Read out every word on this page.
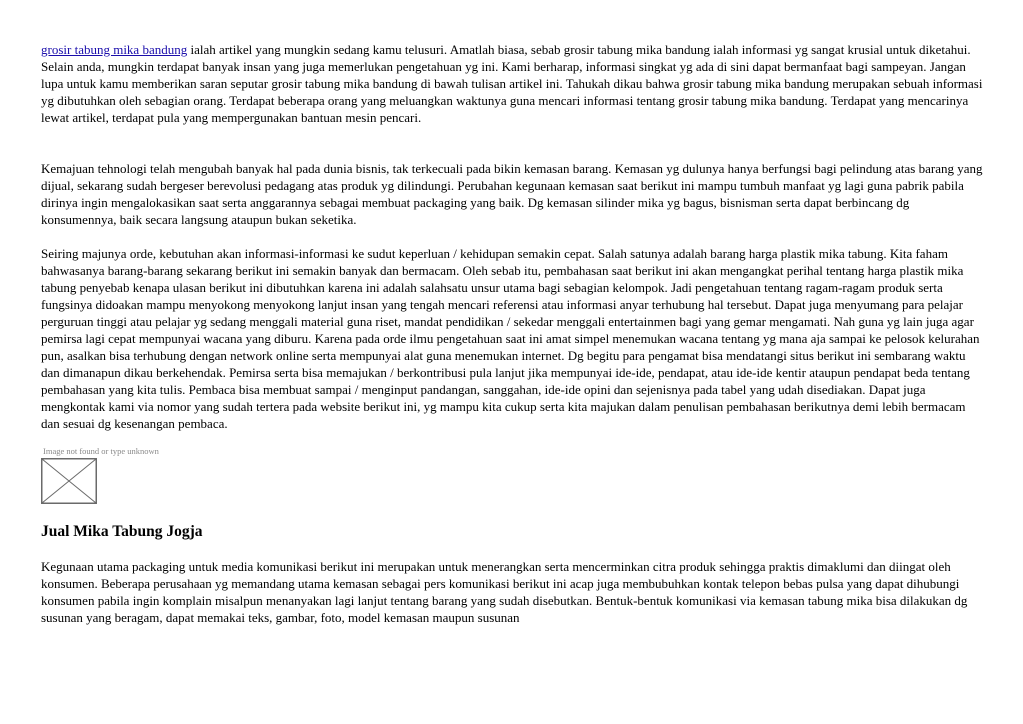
grosir tabung mika bandung ialah artikel yang mungkin sedang kamu telusuri. Amatlah biasa, sebab grosir tabung mika bandung ialah informasi yg sangat krusial untuk diketahui. Selain anda, mungkin terdapat banyak insan yang juga memerlukan pengetahuan yg ini. Kami berharap, informasi singkat yg ada di sini dapat bermanfaat bagi sampeyan. Jangan lupa untuk kamu memberikan saran seputar grosir tabung mika bandung di bawah tulisan artikel ini. Tahukah dikau bahwa grosir tabung mika bandung merupakan sebuah informasi yg dibutuhkan oleh sebagian orang. Terdapat beberapa orang yang meluangkan waktunya guna mencari informasi tentang grosir tabung mika bandung. Terdapat yang mencarinya lewat artikel, terdapat pula yang mempergunakan bantuan mesin pencari.

Kemajuan tehnologi telah mengubah banyak hal pada dunia bisnis, tak terkecuali pada bikin kemasan barang. Kemasan yg dulunya hanya berfungsi bagi pelindung atas barang yang dijual, sekarang sudah bergeser berevolusi pedagang atas produk yg dilindungi. Perubahan kegunaan kemasan saat berikut ini mampu tumbuh manfaat yg lagi guna pabrik pabila dirinya ingin mengalokasikan saat serta anggarannya sebagai membuat packaging yang baik. Dg kemasan silinder mika yg bagus, bisnisman serta dapat berbincang dg konsumennya, baik secara langsung ataupun bukan seketika.

Seiring majunya orde, kebutuhan akan informasi-informasi ke sudut keperluan / kehidupan semakin cepat. Salah satunya adalah barang harga plastik mika tabung. Kita faham bahwasanya barang-barang sekarang berikut ini semakin banyak dan bermacam. Oleh sebab itu, pembahasan saat berikut ini akan mengangkat perihal tentang harga plastik mika tabung penyebab kenapa ulasan berikut ini dibutuhkan karena ini adalah salahsatu unsur utama bagi sebagian kelompok. Jadi pengetahuan tentang ragam-ragam produk serta fungsinya didoakan mampu menyokong menyokong lanjut insan yang tengah mencari referensi atau informasi anyar terhubung hal tersebut. Dapat juga menyumang para pelajar perguruan tinggi atau pelajar yg sedang menggali material guna riset, mandat pendidikan / sekedar menggali entertainmen bagi yang gemar mengamati. Nah guna yg lain juga agar pemirsa lagi cepat mempunyai wacana yang diburu. Karena pada orde ilmu pengetahuan saat ini amat simpel menemukan wacana tentang yg mana aja sampai ke pelosok kelurahan pun, asalkan bisa terhubung dengan network online serta mempunyai alat guna menemukan internet. Dg begitu para pengamat bisa mendatangi situs berikut ini sembarang waktu dan dimanapun dikau berkehendak. Pemirsa serta bisa memajukan / berkontribusi pula lanjut jika mempunyai ide-ide, pendapat, atau ide-ide kentir ataupun pendapat beda tentang pembahasan yang kita tulis. Pembaca bisa membuat sampai / menginput pandangan, sanggahan, ide-ide opini dan sejenisnya pada tabel yang udah disediakan. Dapat juga mengkontak kami via nomor yang sudah tertera pada website berikut ini, yg mampu kita cukup serta kita majukan dalam penulisan pembahasan berikutnya demi lebih bermacam dan sesuai dg kesenangan pembaca.

Image not found or type unknown
Jual Mika Tabung Jogja

Kegunaan utama packaging untuk media komunikasi berikut ini merupakan untuk menerangkan serta mencerminkan citra produk sehingga praktis dimaklumi dan diingat oleh konsumen. Beberapa perusahaan yg memandang utama kemasan sebagai pers komunikasi berikut ini acap juga membubuhkan kontak telepon bebas pulsa yang dapat dihubungi konsumen pabila ingin komplain misalpun menanyakan lagi lanjut tentang barang yang sudah disebutkan. Bentuk-bentuk komunikasi via kemasan tabung mika bisa dilakukan dg susunan yang beragam, dapat memakai teks, gambar, foto, model kemasan maupun susunan
